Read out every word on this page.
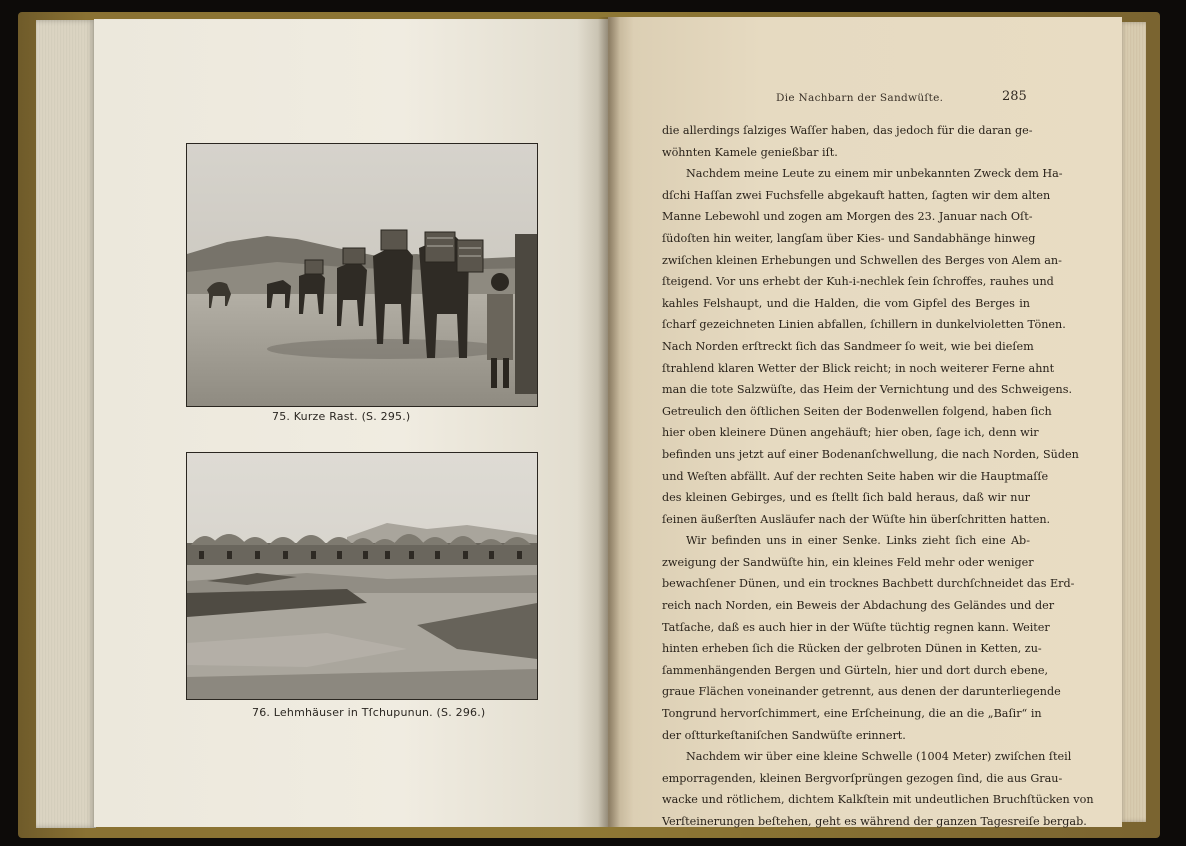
75. Kurze Rast. (S. 295.)
76. Lehmhäuser in Tſchupunun. (S. 296.)
Die Nachbarn der Sandwüſte.	285
die allerdings ſalziges Waſſer haben, das jedoch für die daran ge-
wöhnten Kamele genießbar iſt.
Nachdem meine Leute zu einem mir unbekannten Zweck dem Ha-
dſchi Haſſan zwei Fuchsfelle abgekauft hatten, ſagten wir dem alten
Manne Lebewohl und zogen am Morgen des 23. Januar nach Oſt-
ſüdoſten hin weiter, langſam über Kies- und Sandabhänge hinweg
zwiſchen kleinen Erhebungen und Schwellen des Berges von Alem an-
ſteigend. Vor uns erhebt der Kuh-i-nechlek ſein ſchroffes, rauhes und
kahles Felshaupt, und die Halden, die vom Gipfel des Berges in
ſcharf gezeichneten Linien abfallen, ſchillern in dunkelvioletten Tönen.
Nach Norden erſtreckt ſich das Sandmeer ſo weit, wie bei dieſem
ſtrahlend klaren Wetter der Blick reicht; in noch weiterer Ferne ahnt
man die tote Salzwüſte, das Heim der Vernichtung und des Schweigens.
Getreulich den öſtlichen Seiten der Bodenwellen folgend, haben ſich
hier oben kleinere Dünen angehäuft; hier oben, ſage ich, denn wir
befinden uns jetzt auf einer Bodenanſchwellung, die nach Norden, Süden
und Weſten abfällt. Auf der rechten Seite haben wir die Hauptmaſſe
des kleinen Gebirges, und es ſtellt ſich bald heraus, daß wir nur
ſeinen äußerſten Ausläufer nach der Wüſte hin überſchritten hatten.
Wir befinden uns in einer Senke. Links zieht ſich eine Ab-
zweigung der Sandwüſte hin, ein kleines Feld mehr oder weniger
bewachſener Dünen, und ein trocknes Bachbett durchſchneidet das Erd-
reich nach Norden, ein Beweis der Abdachung des Geländes und der
Tatſache, daß es auch hier in der Wüſte tüchtig regnen kann. Weiter
hinten erheben ſich die Rücken der gelbroten Dünen in Ketten, zu-
ſammenhängenden Bergen und Gürteln, hier und dort durch ebene,
graue Flächen voneinander getrennt, aus denen der darunterliegende
Tongrund hervorſchimmert, eine Erſcheinung, die an die „Baſir“ in
der oſtturkeſtaniſchen Sandwüſte erinnert.
Nachdem wir über eine kleine Schwelle (1004 Meter) zwiſchen ſteil
emporragenden, kleinen Bergvorſprüngen gezogen ſind, die aus Grau-
wacke und rötlichem, dichtem Kalkſtein mit undeutlichen Bruchſtücken von
Verſteinerungen beſtehen, geht es während der ganzen Tagesreiſe bergab.
